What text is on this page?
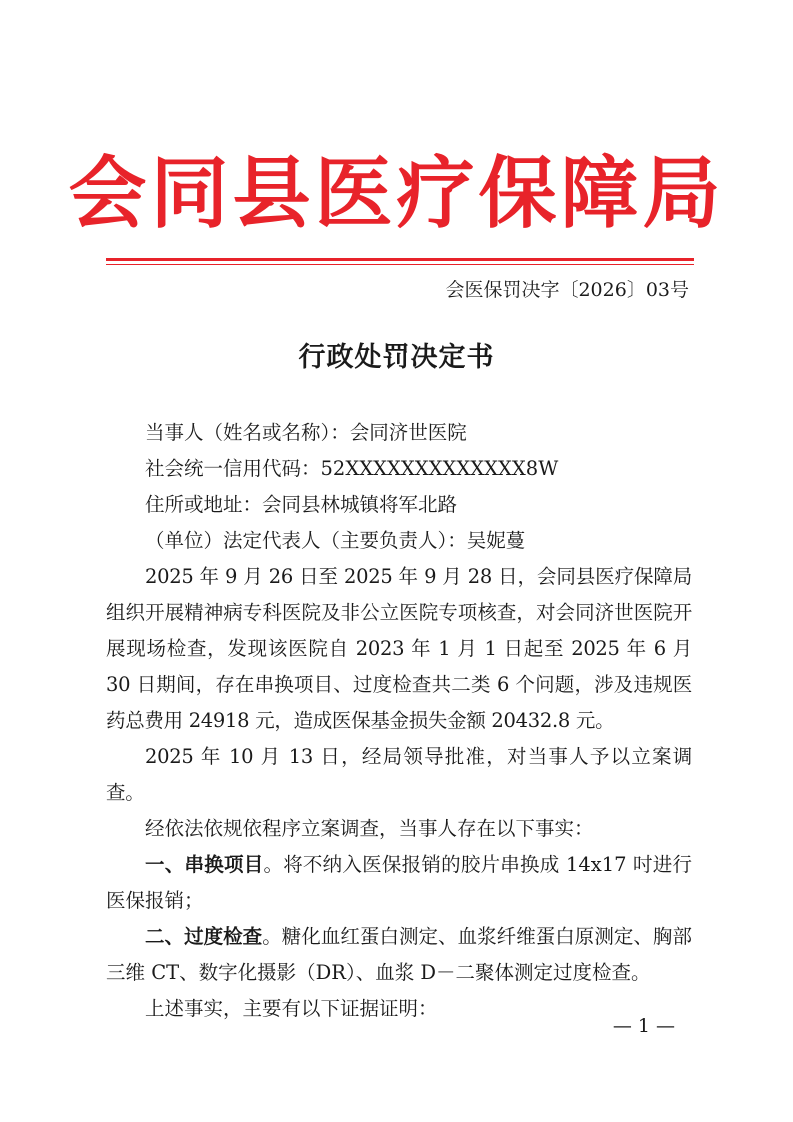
会同县医疗保障局
会医保罚决字〔2026〕03号
行政处罚决定书

当事人（姓名或名称）：会同济世医院

社会统一信用代码：52XXXXXXXXXXXXX8W

住所或地址：会同县林城镇将军北路

（单位）法定代表人（主要负责人）：吴妮蔓

2025 年 9 月 26 日至 2025 年 9 月 28 日，会同县医疗保障局组织开展精神病专科医院及非公立医院专项核查，对会同济世医院开展现场检查，发现该医院自 2023 年 1 月 1 日起至 2025 年 6 月 30 日期间，存在串换项目、过度检查共二类 6 个问题，涉及违规医药总费用 24918 元，造成医保基金损失金额 20432.8 元。

2025 年 10 月 13 日，经局领导批准，对当事人予以立案调查。

经依法依规依程序立案调查，当事人存在以下事实：

一、串换项目。将不纳入医保报销的胶片串换成 14x17 吋进行医保报销；

二、过度检查。糖化血红蛋白测定、血浆纤维蛋白原测定、胸部三维 CT、数字化摄影（DR）、血浆 D－二聚体测定过度检查。

上述事实，主要有以下证据证明：

— 1 —
